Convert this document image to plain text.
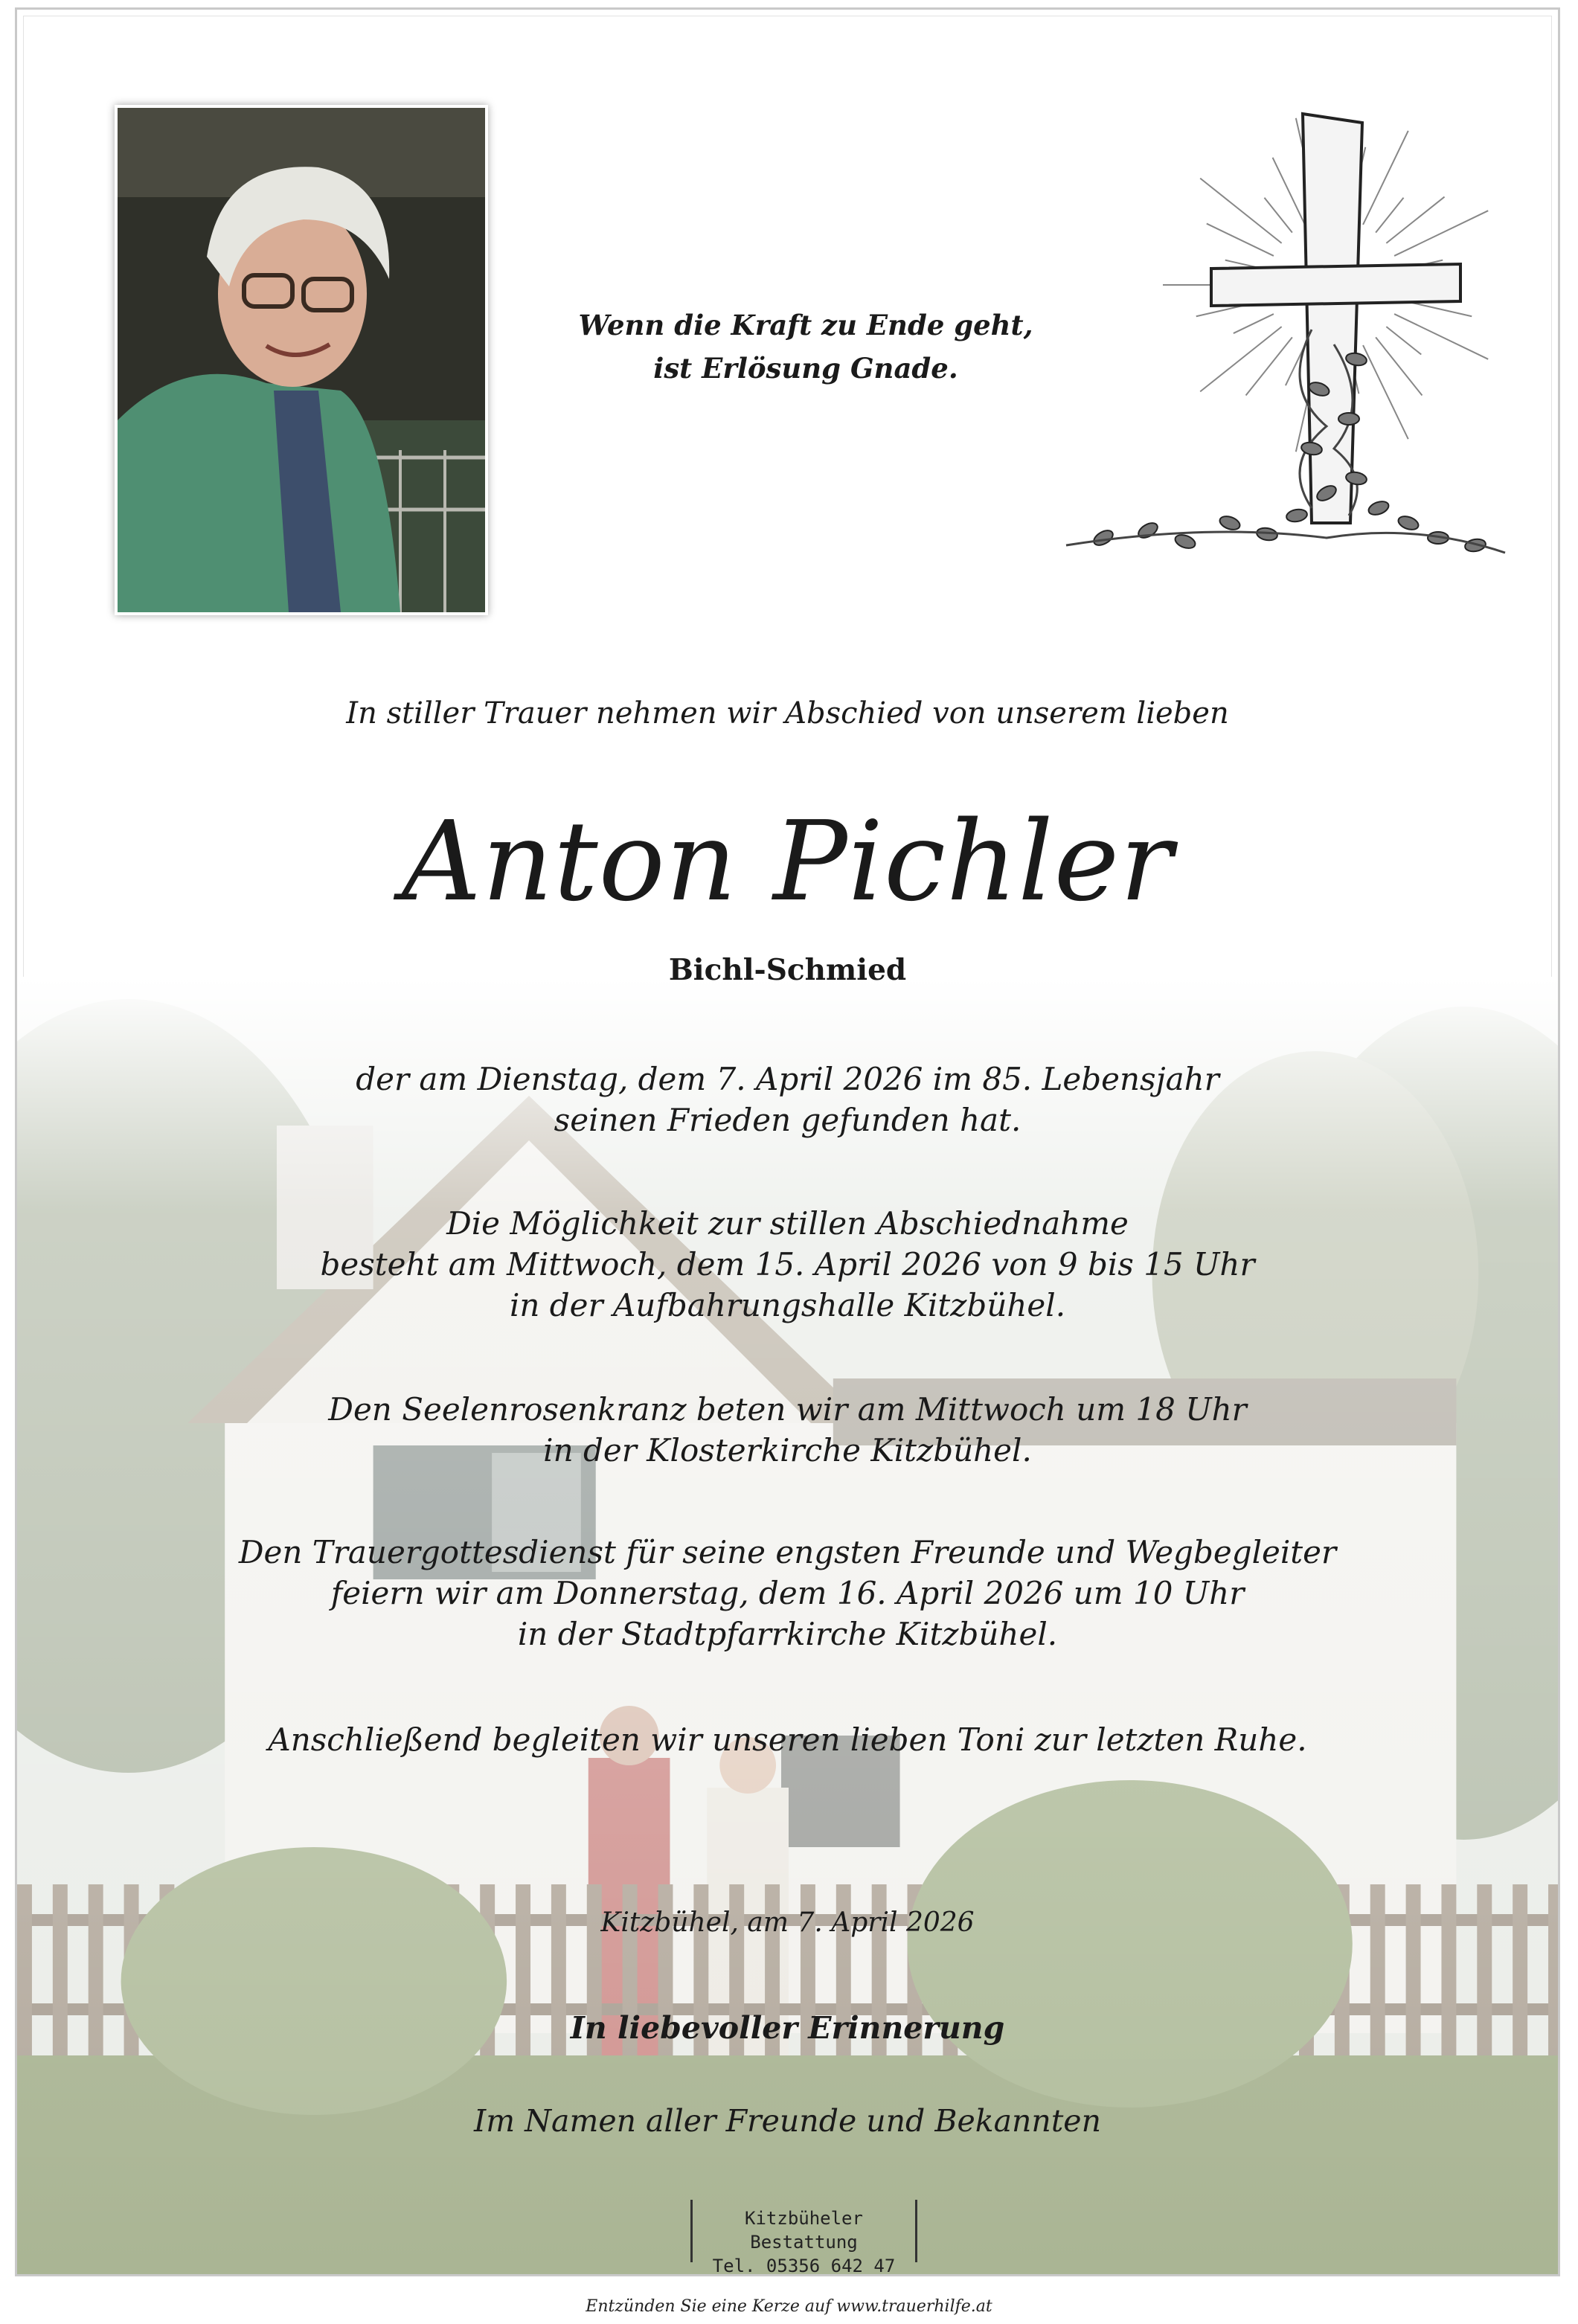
Wenn die Kraft zu Ende geht,
ist Erlösung Gnade.
In stiller Trauer nehmen wir Abschied von unserem lieben
Anton Pichler
Bichl-Schmied
der am Dienstag, dem 7. April 2026 im 85. Lebensjahr
seinen Frieden gefunden hat.
Die Möglichkeit zur stillen Abschiednahme
besteht am Mittwoch, dem 15. April 2026 von 9 bis 15 Uhr
in der Aufbahrungshalle Kitzbühel.
Den Seelenrosenkranz beten wir am Mittwoch um 18 Uhr
in der Klosterkirche Kitzbühel.
Den Trauergottesdienst für seine engsten Freunde und Wegbegleiter
feiern wir am Donnerstag, dem 16. April 2026 um 10 Uhr
in der Stadtpfarrkirche Kitzbühel.
Anschließend begleiten wir unseren lieben Toni zur letzten Ruhe.
Kitzbühel, am 7. April 2026
In liebevoller Erinnerung
Im Namen aller Freunde und Bekannten
Kitzbüheler Bestattung
Tel. 05356 642 47
Entzünden Sie eine Kerze auf www.trauerhilfe.at
